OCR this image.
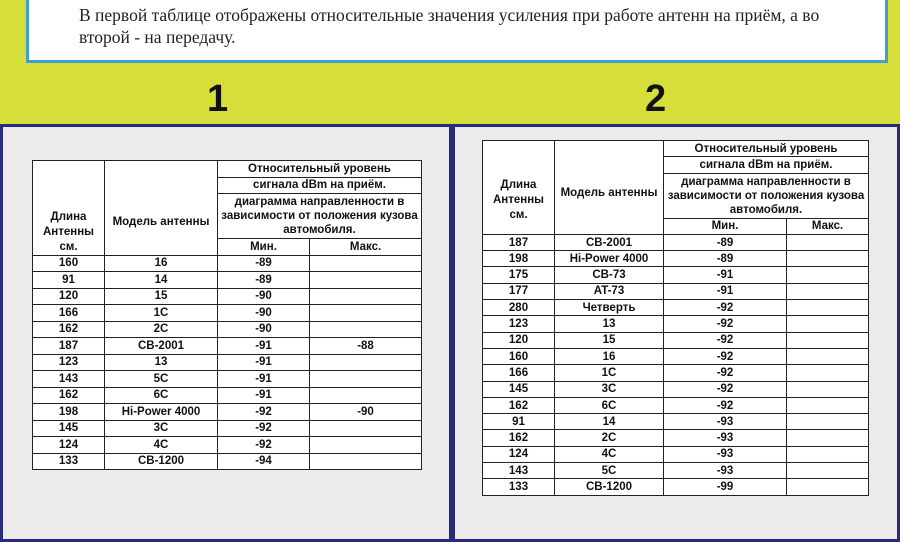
В первой таблице отображены относительные значения усиления при работе антенн на приём, а во второй - на передачу.
1	2
Длина Антенны см.	Модель антенны	Относительный уровень	
		сигнала dBm на приём.	
		диаграмма направленности в зависимости от положения кузова автомобиля.	

		Мин.	Макс.
160	16	-89	
91	14	-89	
120	15	-90	
166	1C	-90	
162	2C	-90	
187	CB-2001	-91	-88
123	13	-91	
143	5C	-91	
162	6C	-91	
198	Hi-Power 4000	-92	-90
145	3C	-92	
124	4C	-92	
133	CB-1200	-94	
Длина Антенны см.	Модель антенны	Относительный уровень	
		сигнала dBm на приём.	
		диаграмма направленности в зависимости от положения кузова автомобиля.	

		Мин.	Макс.
187	CB-2001	-89	
198	Hi-Power 4000	-89	
175	CB-73	-91	
177	AT-73	-91	
280	Четверть	-92	
123	13	-92	
120	15	-92	
160	16	-92	
166	1C	-92	
145	3C	-92	
162	6C	-92	
91	14	-93	
162	2C	-93	
124	4C	-93	
143	5C	-93	
133	CB-1200	-99	
